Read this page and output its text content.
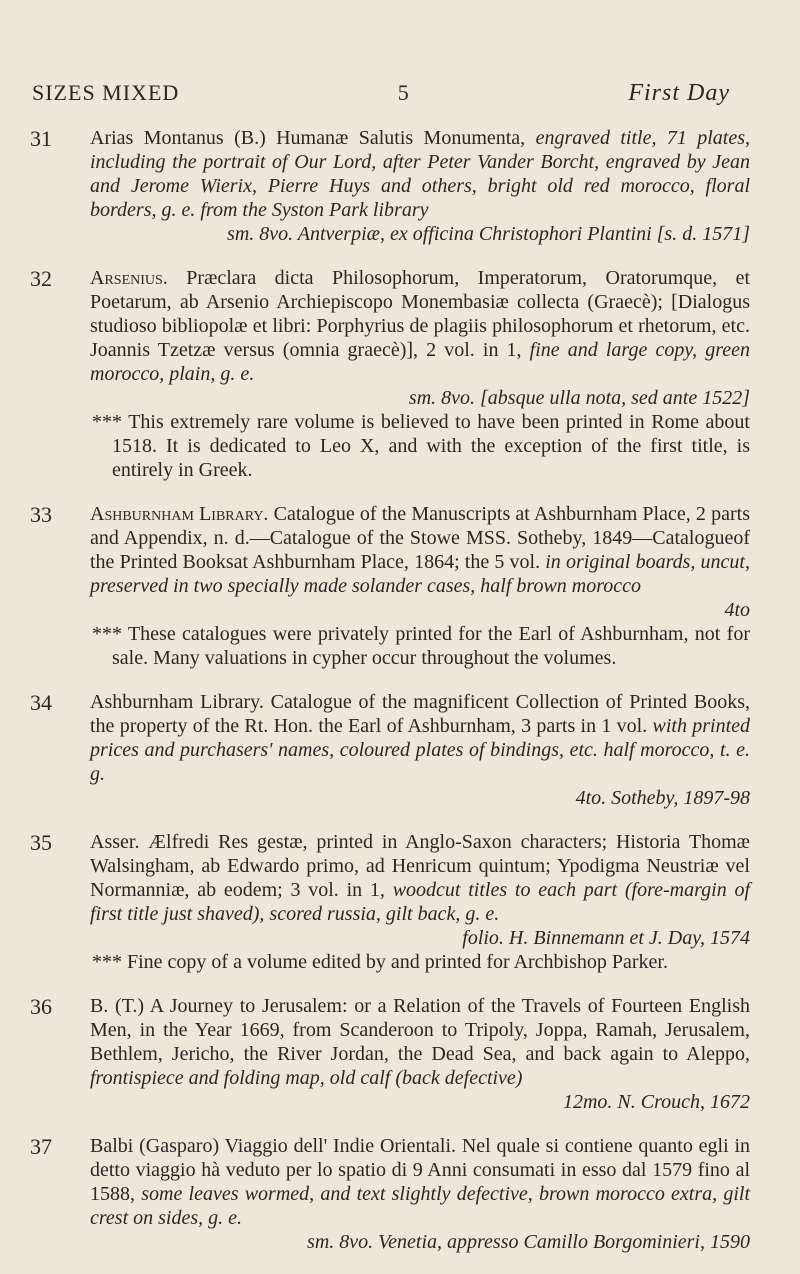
SIZES MIXED	5	First Day
31 Arias Montanus (B.) Humanæ Salutis Monumenta, engraved title, 71 plates, including the portrait of Our Lord, after Peter Vander Borcht, engraved by Jean and Jerome Wierix, Pierre Huys and others, bright old red morocco, floral borders, g. e. from the Syston Park library
sm. 8vo. Antverpiæ, ex officina Christophori Plantini [s. d. 1571]
32 Arsenius. Præclara dicta Philosophorum, Imperatorum, Oratorumque, et Poetarum, ab Arsenio Archiepiscopo Monembasiæ collecta (Graecè); [Dialogus studioso bibliopolæ et libri: Porphyrius de plagiis philosophorum et rhetorum, etc. Joannis Tzetzæ versus (omnia graecè)], 2 vol. in 1, fine and large copy, green morocco, plain, g. e.
sm. 8vo. [absque ulla nota, sed ante 1522]
*** This extremely rare volume is believed to have been printed in Rome about 1518. It is dedicated to Leo X, and with the exception of the first title, is entirely in Greek.
33 Ashburnham Library. Catalogue of the Manuscripts at Ashburnham Place, 2 parts and Appendix, n. d.—Catalogue of the Stowe MSS. Sotheby, 1849—Catalogueof the Printed Booksat Ashburnham Place, 1864; the 5 vol. in original boards, uncut, preserved in two specially made solander cases, half brown morocco
4to
*** These catalogues were privately printed for the Earl of Ashburnham, not for sale. Many valuations in cypher occur throughout the volumes.
34 Ashburnham Library. Catalogue of the magnificent Collection of Printed Books, the property of the Rt. Hon. the Earl of Ashburnham, 3 parts in 1 vol. with printed prices and purchasers' names, coloured plates of bindings, etc. half morocco, t. e. g.
4to. Sotheby, 1897-98
35 Asser. Ælfredi Res gestæ, printed in Anglo-Saxon characters; Historia Thomæ Walsingham, ab Edwardo primo, ad Henricum quintum; Ypodigma Neustriæ vel Normanniæ, ab eodem; 3 vol. in 1, woodcut titles to each part (fore-margin of first title just shaved), scored russia, gilt back, g. e.
folio. H. Binnemann et J. Day, 1574
*** Fine copy of a volume edited by and printed for Archbishop Parker.
36 B. (T.) A Journey to Jerusalem: or a Relation of the Travels of Fourteen English Men, in the Year 1669, from Scanderoon to Tripoly, Joppa, Ramah, Jerusalem, Bethlem, Jericho, the River Jordan, the Dead Sea, and back again to Aleppo, frontispiece and folding map, old calf (back defective)
12mo. N. Crouch, 1672
37 Balbi (Gasparo) Viaggio dell' Indie Orientali. Nel quale si contiene quanto egli in detto viaggio hà veduto per lo spatio di 9 Anni consumati in esso dal 1579 fino al 1588, some leaves wormed, and text slightly defective, brown morocco extra, gilt crest on sides, g. e.
sm. 8vo. Venetia, appresso Camillo Borgominieri, 1590
